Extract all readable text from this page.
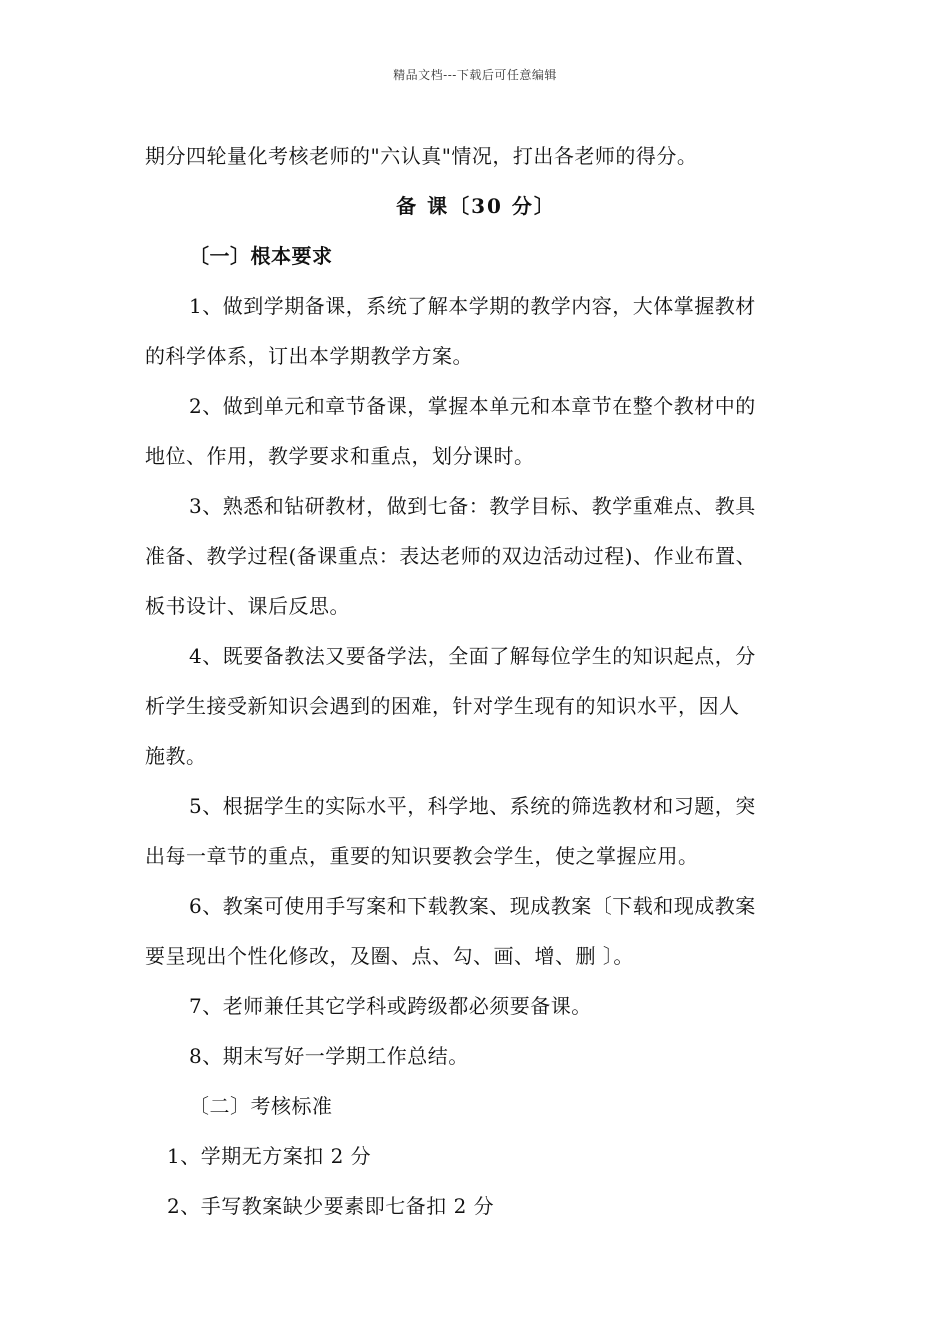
精品文档---下载后可任意编辑
期分四轮量化考核老师的"六认真"情况，打出各老师的得分。
备 课〔30 分〕
〔一〕根本要求
1、做到学期备课，系统了解本学期的教学内容，大体掌握教材
的科学体系，订出本学期教学方案。
2、做到单元和章节备课，掌握本单元和本章节在整个教材中的
地位、作用，教学要求和重点，划分课时。
3、熟悉和钻研教材，做到七备：教学目标、教学重难点、教具
准备、教学过程(备课重点：表达老师的双边活动过程)、作业布置、
板书设计、课后反思。
4、既要备教法又要备学法，全面了解每位学生的知识起点，分
析学生接受新知识会遇到的困难，针对学生现有的知识水平，因人
施教。
5、根据学生的实际水平，科学地、系统的筛选教材和习题，突
出每一章节的重点，重要的知识要教会学生，使之掌握应用。
6、教案可使用手写案和下载教案、现成教案〔下载和现成教案
要呈现出个性化修改，及圈、点、勾、画、增、删 〕。
7、老师兼任其它学科或跨级都必须要备课。
8、期末写好一学期工作总结。
〔二〕考核标准
1、学期无方案扣 2 分
2、手写教案缺少要素即七备扣 2 分
